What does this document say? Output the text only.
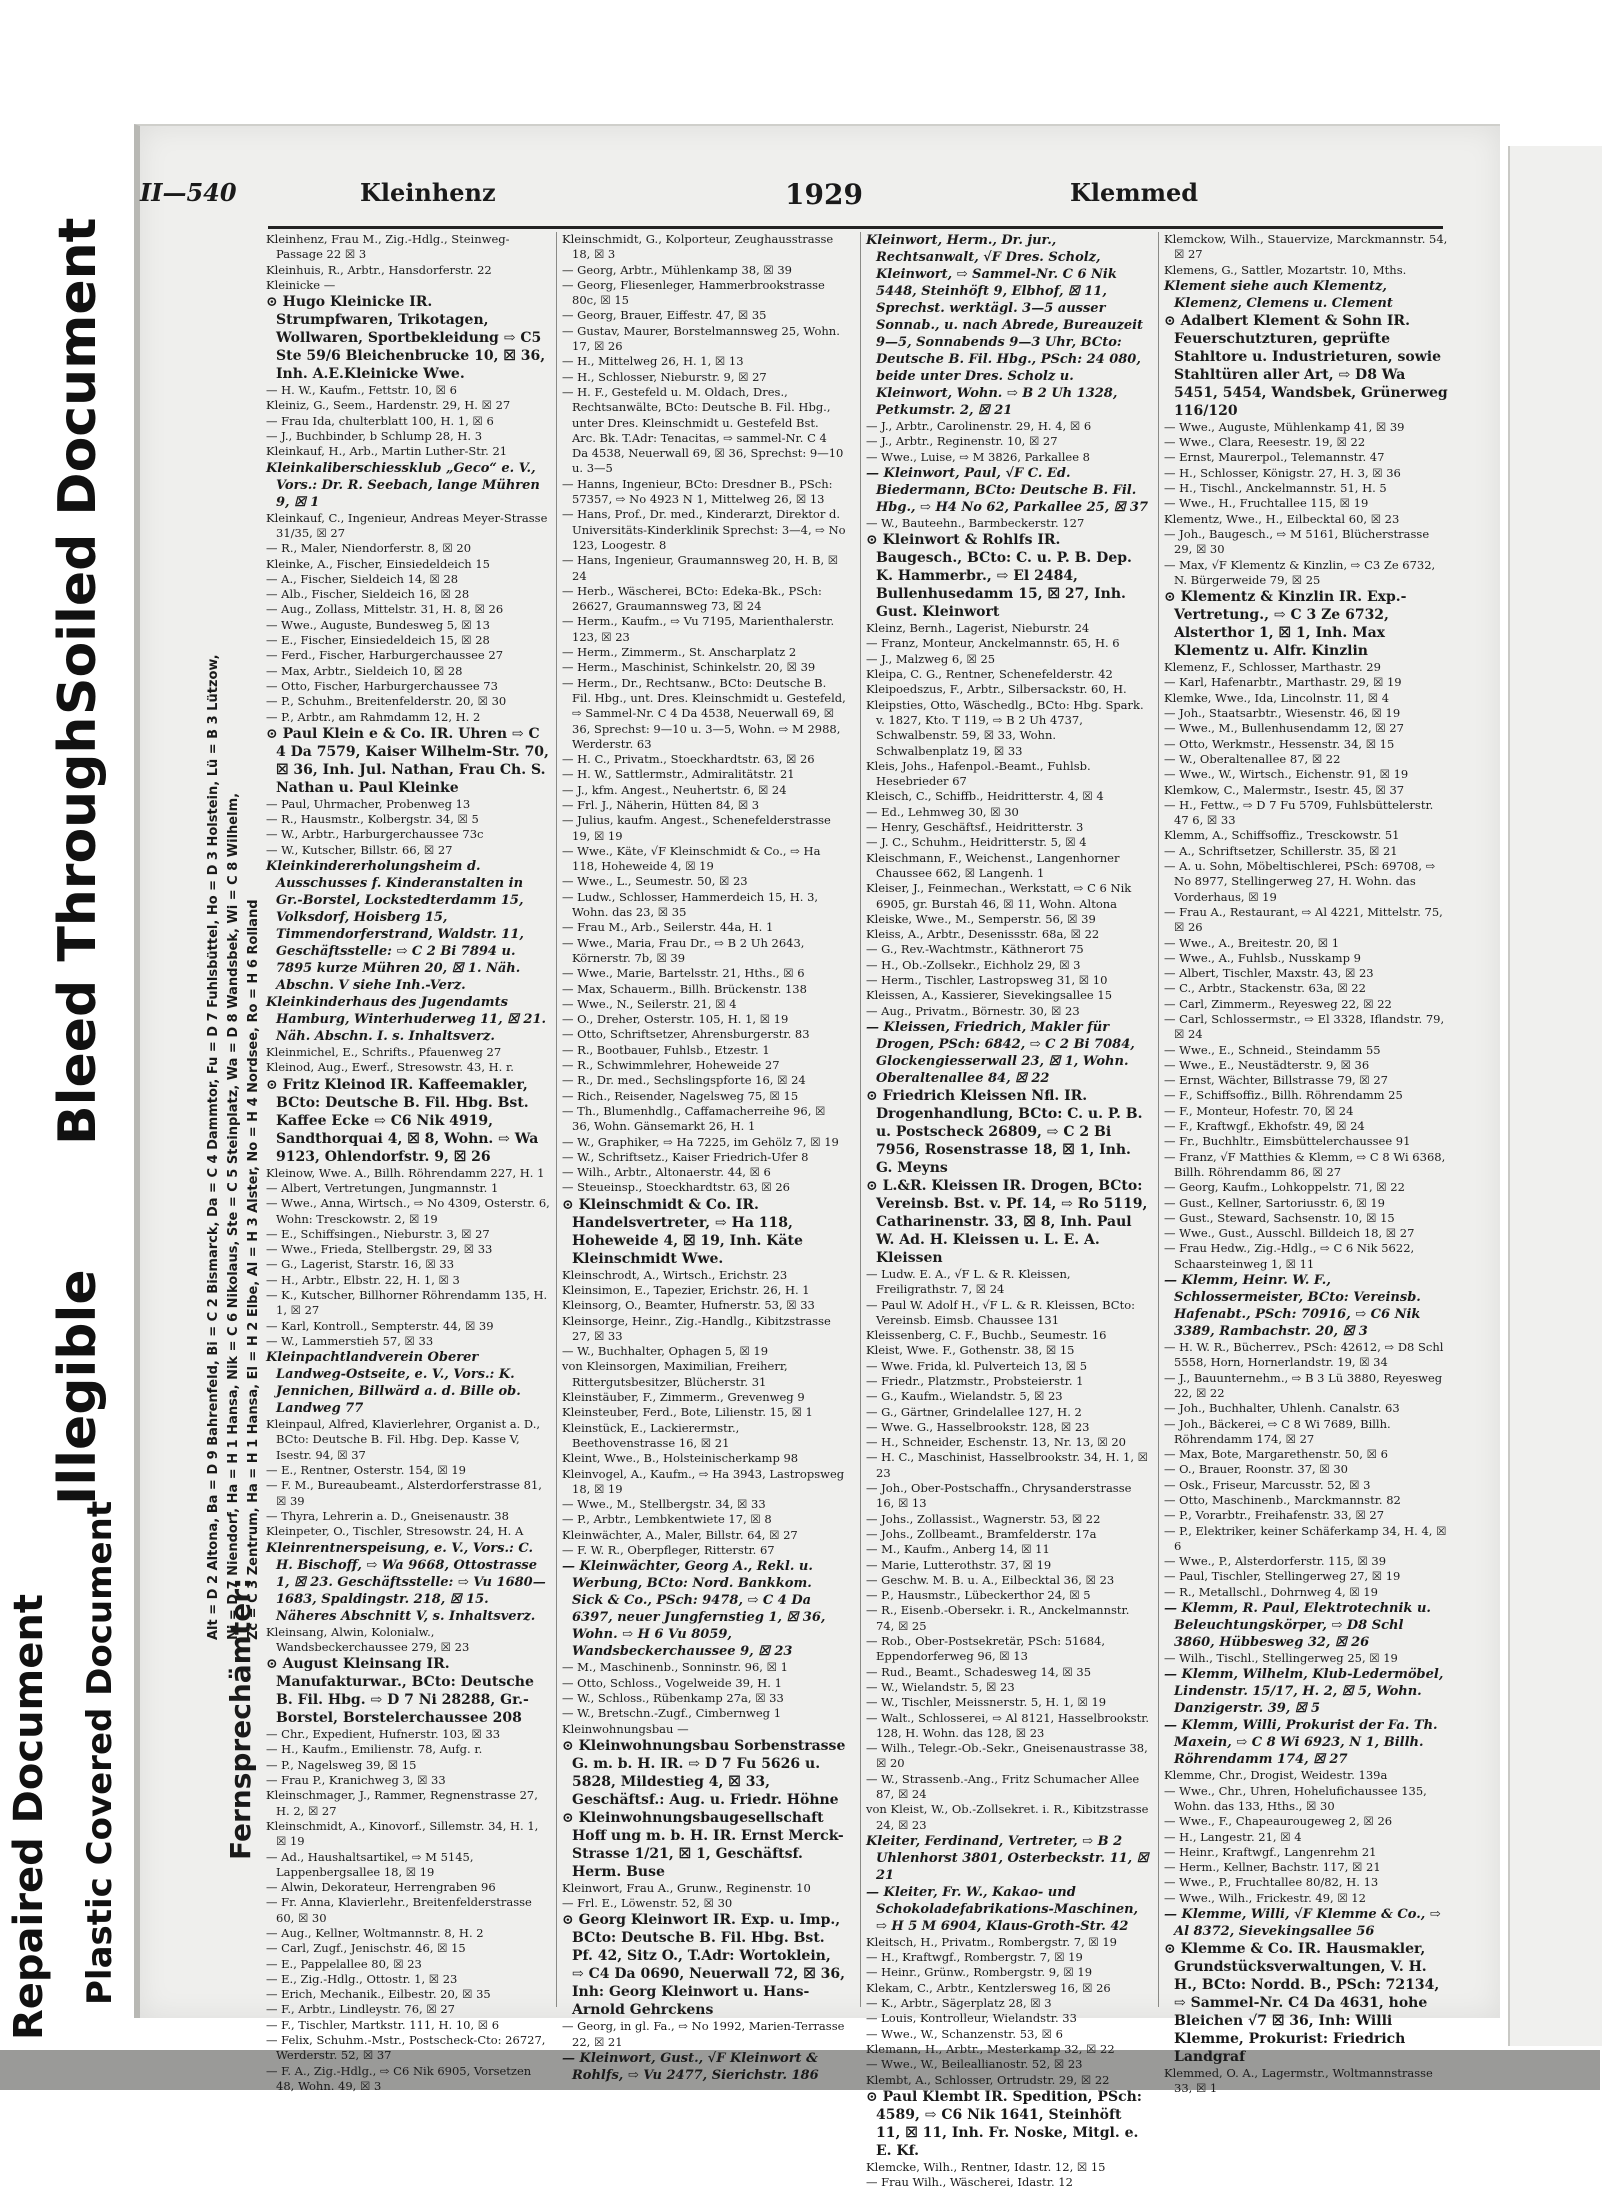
Soiled Document
Bleed Through
Illegible
Repaired Document Plastic Covered Document
II—540	Kleinhenz	1929	Klemmed
Fernsprechämter:
Alt = D 2 Altona, Ba = D 9 Bahrenfeld, Bi = C 2 Bismarck, Da = C 4 Dammtor, Fu = D 7 Fuhlsbüttel, Ho = D 3 Holstein, Lü = B 3 Lützow, Ni = D 7 Niendorf, Ha = H 1 Hansa, Nik = C 6 Nikolaus, Ste = C 5 Steinplatz, Wa = D 8 Wandsbek, Wi = C 8 Wilhelm, Zc = C 3 Zentrum, Ha = H 1 Hansa, El = H 2 Elbe, Al = H 3 Alster, No = H 4 Nordsee, Ro = H 6 Rolland

Kleinhenz, Frau M., Zig.-Hdlg., Steinweg-Passage 22 ☒ 3

Kleinhuis, R., Arbtr., Hansdorferstr. 22

Kleinicke —

⊙ Hugo Kleinicke IR. Strumpfwaren, Trikotagen, Wollwaren, Sportbekleidung ⇨ C5 Ste 59/6 Bleichenbrucke 10, ☒ 36, Inh. A.E.Kleinicke Wwe.

— H. W., Kaufm., Fettstr. 10, ☒ 6

Kleiniz, G., Seem., Hardenstr. 29, H. ☒ 27

— Frau Ida, chulterblatt 100, H. 1, ☒ 6

— J., Buchbinder, b Schlump 28, H. 3

Kleinkauf, H., Arb., Martin Luther-Str. 21

Kleinkaliberschiessklub „Geco“ e. V., Vors.: Dr. R. Seebach, lange Mühren 9, ☒ 1

Kleinkauf, C., Ingenieur, Andreas Meyer-Strasse 31/35, ☒ 27

— R., Maler, Niendorferstr. 8, ☒ 20

Kleinke, A., Fischer, Einsiedeldeich 15

— A., Fischer, Sieldeich 14, ☒ 28

— Alb., Fischer, Sieldeich 16, ☒ 28

— Aug., Zollass, Mittelstr. 31, H. 8, ☒ 26

— Wwe., Auguste, Bundesweg 5, ☒ 13

— E., Fischer, Einsiedeldeich 15, ☒ 28

— Ferd., Fischer, Harburgerchaussee 27

— Max, Arbtr., Sieldeich 10, ☒ 28

— Otto, Fischer, Harburgerchaussee 73

— P., Schuhm., Breitenfelderstr. 20, ☒ 30

— P., Arbtr., am Rahmdamm 12, H. 2

⊙ Paul Klein e & Co. IR. Uhren ⇨ C 4 Da 7579, Kaiser Wilhelm-Str. 70, ☒ 36, Inh. Jul. Nathan, Frau Ch. S. Nathan u. Paul Kleinke

— Paul, Uhrmacher, Probenweg 13

— R., Hausmstr., Kolbergstr. 34, ☒ 5

— W., Arbtr., Harburgerchaussee 73c

— W., Kutscher, Billstr. 66, ☒ 27

Kleinkindererholungsheim d. Ausschusses f. Kinderanstalten in Gr.-Borstel, Lockstedterdamm 15, Volksdorf, Hoisberg 15, Timmendorferstrand, Waldstr. 11, Geschäftsstelle: ⇨ C 2 Bi 7894 u. 7895 kurze Mühren 20, ☒ 1. Näh. Abschn. V siehe Inh.-Verz.

Kleinkinderhaus des Jugendamts Hamburg, Winterhuderweg 11, ☒ 21. Näh. Abschn. I. s. Inhaltsverz.

Kleinmichel, E., Schrifts., Pfauenweg 27

Kleinod, Aug., Ewerf., Stresowstr. 43, H. r.

⊙ Fritz Kleinod IR. Kaffeemakler, BCto: Deutsche B. Fil. Hbg. Bst. Kaffee Ecke ⇨ C6 Nik 4919, Sandthorquai 4, ☒ 8, Wohn. ⇨ Wa 9123, Ohlendorfstr. 9, ☒ 26

Kleinow, Wwe. A., Billh. Röhrendamm 227, H. 1

— Albert, Vertretungen, Jungmannstr. 1

— Wwe., Anna, Wirtsch., ⇨ No 4309, Osterstr. 6, Wohn: Tresckowstr. 2, ☒ 19

— E., Schiffsingen., Nieburstr. 3, ☒ 27

— Wwe., Frieda, Stellbergstr. 29, ☒ 33

— G., Lagerist, Starstr. 16, ☒ 33

— H., Arbtr., Elbstr. 22, H. 1, ☒ 3

— K., Kutscher, Billhorner Röhrendamm 135, H. 1, ☒ 27

— Karl, Kontroll., Sempterstr. 44, ☒ 39

— W., Lammerstieh 57, ☒ 33

Kleinpachtlandverein Oberer Landweg-Ostseite, e. V., Vors.: K. Jennichen, Billwärd a. d. Bille ob. Landweg 77

Kleinpaul, Alfred, Klavierlehrer, Organist a. D., BCto: Deutsche B. Fil. Hbg. Dep. Kasse V, Isestr. 94, ☒ 37

— E., Rentner, Osterstr. 154, ☒ 19

— F. M., Bureaubeamt., Alsterdorferstrasse 81, ☒ 39

— Thyra, Lehrerin a. D., Gneisenaustr. 38

Kleinpeter, O., Tischler, Stresowstr. 24, H. A

Kleinrentnerspeisung, e. V., Vors.: C. H. Bischoff, ⇨ Wa 9668, Ottostrasse 1, ☒ 23. Geschäftsstelle: ⇨ Vu 1680—1683, Spaldingstr. 218, ☒ 15. Näheres Abschnitt V, s. Inhaltsverz.

Kleinsang, Alwin, Kolonialw., Wandsbeckerchaussee 279, ☒ 23

⊙ August Kleinsang IR. Manufakturwar., BCto: Deutsche B. Fil. Hbg. ⇨ D 7 Ni 28288, Gr.-Borstel, Borstelerchaussee 208

— Chr., Expedient, Hufnerstr. 103, ☒ 33

— H., Kaufm., Emilienstr. 78, Aufg. r.

— P., Nagelsweg 39, ☒ 15

— Frau P., Kranichweg 3, ☒ 33

Kleinschmager, J., Rammer, Regnenstrasse 27, H. 2, ☒ 27

Kleinschmidt, A., Kinovorf., Sillemstr. 34, H. 1, ☒ 19

— Ad., Haushaltsartikel, ⇨ M 5145, Lappenbergsallee 18, ☒ 19

— Alwin, Dekorateur, Herrengraben 96

— Fr. Anna, Klavierlehr., Breitenfelderstrasse 60, ☒ 30

— Aug., Kellner, Woltmannstr. 8, H. 2

— Carl, Zugf., Jenischstr. 46, ☒ 15

— E., Pappelallee 80, ☒ 23

— E., Zig.-Hdlg., Ottostr. 1, ☒ 23

— Erich, Mechanik., Eilbestr. 20, ☒ 35

— F., Arbtr., Lindleystr. 76, ☒ 27

— F., Tischler, Martkstr. 111, H. 10, ☒ 6

— Felix, Schuhm.-Mstr., Postscheck-Cto: 26727, Werderstr. 52, ☒ 37

— F. A., Zig.-Hdlg., ⇨ C6 Nik 6905, Vorsetzen 48, Wohn. 49, ☒ 3

Kleinschmidt, G., Kolporteur, Zeughausstrasse 18, ☒ 3

— Georg, Arbtr., Mühlenkamp 38, ☒ 39

— Georg, Fliesenleger, Hammerbrookstrasse 80c, ☒ 15

— Georg, Brauer, Eiffestr. 47, ☒ 35

— Gustav, Maurer, Borstelmannsweg 25, Wohn. 17, ☒ 26

— H., Mittelweg 26, H. 1, ☒ 13

— H., Schlosser, Nieburstr. 9, ☒ 27

— H. F., Gestefeld u. M. Oldach, Dres., Rechtsanwälte, BCto: Deutsche B. Fil. Hbg., unter Dres. Kleinschmidt u. Gestefeld Bst. Arc. Bk. T.Adr: Tenacitas, ⇨ sammel-Nr. C 4 Da 4538, Neuerwall 69, ☒ 36, Sprechst: 9—10 u. 3—5

— Hanns, Ingenieur, BCto: Dresdner B., PSch: 57357, ⇨ No 4923 N 1, Mittelweg 26, ☒ 13

— Hans, Prof., Dr. med., Kinderarzt, Direktor d. Universitäts-Kinderklinik Sprechst: 3—4, ⇨ No 123, Loogestr. 8

— Hans, Ingenieur, Graumannsweg 20, H. B, ☒ 24

— Herb., Wäscherei, BCto: Edeka-Bk., PSch: 26627, Graumannsweg 73, ☒ 24

— Herm., Kaufm., ⇨ Vu 7195, Marienthalerstr. 123, ☒ 23

— Herm., Zimmerm., St. Anscharplatz 2

— Herm., Maschinist, Schinkelstr. 20, ☒ 39

— Herm., Dr., Rechtsanw., BCto: Deutsche B. Fil. Hbg., unt. Dres. Kleinschmidt u. Gestefeld, ⇨ Sammel-Nr. C 4 Da 4538, Neuerwall 69, ☒ 36, Sprechst: 9—10 u. 3—5, Wohn. ⇨ M 2988, Werderstr. 63

— H. C., Privatm., Stoeckhardtstr. 63, ☒ 26

— H. W., Sattlermstr., Admiralitätstr. 21

— J., kfm. Angest., Neuhertstr. 6, ☒ 24

— Frl. J., Näherin, Hütten 84, ☒ 3

— Julius, kaufm. Angest., Schenefelderstrasse 19, ☒ 19

— Wwe., Käte, √F Kleinschmidt & Co., ⇨ Ha 118, Hoheweide 4, ☒ 19

— Wwe., L., Seumestr. 50, ☒ 23

— Ludw., Schlosser, Hammerdeich 15, H. 3, Wohn. das 23, ☒ 35

— Frau M., Arb., Seilerstr. 44a, H. 1

— Wwe., Maria, Frau Dr., ⇨ B 2 Uh 2643, Körnerstr. 7b, ☒ 39

— Wwe., Marie, Bartelsstr. 21, Hths., ☒ 6

— Max, Schauerm., Billh. Brückenstr. 138

— Wwe., N., Seilerstr. 21, ☒ 4

— O., Dreher, Osterstr. 105, H. 1, ☒ 19

— Otto, Schriftsetzer, Ahrensburgerstr. 83

— R., Bootbauer, Fuhlsb., Etzestr. 1

— R., Schwimmlehrer, Hoheweide 27

— R., Dr. med., Sechslingspforte 16, ☒ 24

— Rich., Reisender, Nagelsweg 75, ☒ 15

— Th., Blumenhdlg., Caffamacherreihe 96, ☒ 36, Wohn. Gänsemarkt 26, H. 1

— W., Graphiker, ⇨ Ha 7225, im Gehölz 7, ☒ 19

— W., Schriftsetz., Kaiser Friedrich-Ufer 8

— Wilh., Arbtr., Altonaerstr. 44, ☒ 6

— Steueinsp., Stoeckhardtstr. 63, ☒ 26

⊙ Kleinschmidt & Co. IR. Handelsvertreter, ⇨ Ha 118, Hoheweide 4, ☒ 19, Inh. Käte Kleinschmidt Wwe.

Kleinschrodt, A., Wirtsch., Erichstr. 23

Kleinsimon, E., Tapezier, Erichstr. 26, H. 1

Kleinsorg, O., Beamter, Hufnerstr. 53, ☒ 33

Kleinsorge, Heinr., Zig.-Handlg., Kibitzstrasse 27, ☒ 33

— W., Buchhalter, Ophagen 5, ☒ 19

von Kleinsorgen, Maximilian, Freiherr, Rittergutsbesitzer, Blücherstr. 31

Kleinstäuber, F., Zimmerm., Grevenweg 9

Kleinsteuber, Ferd., Bote, Lilienstr. 15, ☒ 1

Kleinstück, E., Lackierermstr., Beethovenstrasse 16, ☒ 21

Kleint, Wwe., B., Holsteinischerkamp 98

Kleinvogel, A., Kaufm., ⇨ Ha 3943, Lastropsweg 18, ☒ 19

— Wwe., M., Stellbergstr. 34, ☒ 33

— P., Arbtr., Lembkentwiete 17, ☒ 8

Kleinwächter, A., Maler, Billstr. 64, ☒ 27

— F. W. R., Oberpfleger, Ritterstr. 67

— Kleinwächter, Georg A., Rekl. u. Werbung, BCto: Nord. Bankkom. Sick & Co., PSch: 9478, ⇨ C 4 Da 6397, neuer Jungfernstieg 1, ☒ 36, Wohn. ⇨ H 6 Vu 8059, Wandsbeckerchaussee 9, ☒ 23

— M., Maschinenb., Sonninstr. 96, ☒ 1

— Otto, Schloss., Vogelweide 39, H. 1

— W., Schloss., Rübenkamp 27a, ☒ 33

— W., Bretschn.-Zugf., Cimbernweg 1

Kleinwohnungsbau —

⊙ Kleinwohnungsbau Sorbenstrasse G. m. b. H. IR. ⇨ D 7 Fu 5626 u. 5828, Mildestieg 4, ☒ 33, Geschäftsf.: Aug. u. Friedr. Höhne

⊙ Kleinwohnungsbaugesellschaft Hoff ung m. b. H. IR. Ernst Merck-Strasse 1/21, ☒ 1, Geschäftsf. Herm. Buse

Kleinwort, Frau A., Grunw., Reginenstr. 10

— Frl. E., Löwenstr. 52, ☒ 30

⊙ Georg Kleinwort IR. Exp. u. Imp., BCto: Deutsche B. Fil. Hbg. Bst. Pf. 42, Sitz O., T.Adr: Wortoklein, ⇨ C4 Da 0690, Neuerwall 72, ☒ 36, Inh: Georg Kleinwort u. Hans-Arnold Gehrckens

— Georg, in gl. Fa., ⇨ No 1992, Marien-Terrasse 22, ☒ 21

— Kleinwort, Gust., √F Kleinwort & Rohlfs, ⇨ Vu 2477, Sierichstr. 186

Kleinwort, Herm., Dr. jur., Rechtsanwalt, √F Dres. Scholz, Kleinwort, ⇨ Sammel-Nr. C 6 Nik 5448, Steinhöft 9, Elbhof, ☒ 11, Sprechst. werktägl. 3—5 ausser Sonnab., u. nach Abrede, Bureauzeit 9—5, Sonnabends 9—3 Uhr, BCto: Deutsche B. Fil. Hbg., PSch: 24 080, beide unter Dres. Scholz u. Kleinwort, Wohn. ⇨ B 2 Uh 1328, Petkumstr. 2, ☒ 21

— J., Arbtr., Carolinenstr. 29, H. 4, ☒ 6

— J., Arbtr., Reginenstr. 10, ☒ 27

— Wwe., Luise, ⇨ M 3826, Parkallee 8

— Kleinwort, Paul, √F C. Ed. Biedermann, BCto: Deutsche B. Fil. Hbg., ⇨ H4 No 62, Parkallee 25, ☒ 37

— W., Bauteehn., Barmbeckerstr. 127

⊙ Kleinwort & Rohlfs IR. Baugesch., BCto: C. u. P. B. Dep. K. Hammerbr., ⇨ El 2484, Bullenhusedamm 15, ☒ 27, Inh. Gust. Kleinwort

Kleinz, Bernh., Lagerist, Nieburstr. 24

— Franz, Monteur, Anckelmannstr. 65, H. 6

— J., Malzweg 6, ☒ 25

Kleipa, C. G., Rentner, Schenefelderstr. 42

Kleipoedszus, F., Arbtr., Silbersackstr. 60, H.

Kleipsties, Otto, Wäschedlg., BCto: Hbg. Spark. v. 1827, Kto. T 119, ⇨ B 2 Uh 4737, Schwalbenstr. 59, ☒ 33, Wohn. Schwalbenplatz 19, ☒ 33

Kleis, Johs., Hafenpol.-Beamt., Fuhlsb. Hesebrieder 67

Kleisch, C., Schiffb., Heidritterstr. 4, ☒ 4

— Ed., Lehmweg 30, ☒ 30

— Henry, Geschäftsf., Heidritterstr. 3

— J. C., Schuhm., Heidritterstr. 5, ☒ 4

Kleischmann, F., Weichenst., Langenhorner Chaussee 662, ☒ Langenh. 1

Kleiser, J., Feinmechan., Werkstatt, ⇨ C 6 Nik 6905, gr. Burstah 46, ☒ 11, Wohn. Altona

Kleiske, Wwe., M., Semperstr. 56, ☒ 39

Kleiss, A., Arbtr., Desenissstr. 68a, ☒ 22

— G., Rev.-Wachtmstr., Käthnerort 75

— H., Ob.-Zollsekr., Eichholz 29, ☒ 3

— Herm., Tischler, Lastropsweg 31, ☒ 10

Kleissen, A., Kassierer, Sievekingsallee 15

— Aug., Privatm., Börnestr. 30, ☒ 23

— Kleissen, Friedrich, Makler für Drogen, PSch: 6842, ⇨ C 2 Bi 7084, Glockengiesserwall 23, ☒ 1, Wohn. Oberaltenallee 84, ☒ 22

⊙ Friedrich Kleissen Nfl. IR. Drogenhandlung, BCto: C. u. P. B. u. Postscheck 26809, ⇨ C 2 Bi 7956, Rosenstrasse 18, ☒ 1, Inh. G. Meyns

⊙ L.&R. Kleissen IR. Drogen, BCto: Vereinsb. Bst. v. Pf. 14, ⇨ Ro 5119, Catharinenstr. 33, ☒ 8, Inh. Paul W. Ad. H. Kleissen u. L. E. A. Kleissen

— Ludw. E. A., √F L. & R. Kleissen, Freiligrathstr. 7, ☒ 24

— Paul W. Adolf H., √F L. & R. Kleissen, BCto: Vereinsb. Eimsb. Chaussee 131

Kleissenberg, C. F., Buchb., Seumestr. 16

Kleist, Wwe. F., Gothenstr. 38, ☒ 15

— Wwe. Frida, kl. Pulverteich 13, ☒ 5

— Friedr., Platzmstr., Probsteierstr. 1

— G., Kaufm., Wielandstr. 5, ☒ 23

— G., Gärtner, Grindelallee 127, H. 2

— Wwe. G., Hasselbrookstr. 128, ☒ 23

— H., Schneider, Eschenstr. 13, Nr. 13, ☒ 20

— H. C., Maschinist, Hasselbrookstr. 34, H. 1, ☒ 23

— Joh., Ober-Postschaffn., Chrysanderstrasse 16, ☒ 13

— Johs., Zollassist., Wagnerstr. 53, ☒ 22

— Johs., Zollbeamt., Bramfelderstr. 17a

— M., Kaufm., Anberg 14, ☒ 11

— Marie, Lutterothstr. 37, ☒ 19

— Geschw. M. B. u. A., Eilbecktal 36, ☒ 23

— P., Hausmstr., Lübeckerthor 24, ☒ 5

— R., Eisenb.-Obersekr. i. R., Anckelmannstr. 74, ☒ 25

— Rob., Ober-Postsekretär, PSch: 51684, Eppendorferweg 96, ☒ 13

— Rud., Beamt., Schadesweg 14, ☒ 35

— W., Wielandstr. 5, ☒ 23

— W., Tischler, Meissnerstr. 5, H. 1, ☒ 19

— Walt., Schlosserei, ⇨ Al 8121, Hasselbrookstr. 128, H. Wohn. das 128, ☒ 23

— Wilh., Telegr.-Ob.-Sekr., Gneisenaustrasse 38, ☒ 20

— W., Strassenb.-Ang., Fritz Schumacher Allee 87, ☒ 24

von Kleist, W., Ob.-Zollsekret. i. R., Kibitzstrasse 24, ☒ 23

Kleiter, Ferdinand, Vertreter, ⇨ B 2 Uhlenhorst 3801, Osterbeckstr. 11, ☒ 21

— Kleiter, Fr. W., Kakao- und Schokoladefabrikations-Maschinen, ⇨ H 5 M 6904, Klaus-Groth-Str. 42

Kleitsch, H., Privatm., Rombergstr. 7, ☒ 19

— H., Kraftwgf., Rombergstr. 7, ☒ 19

— Heinr., Grünw., Rombergstr. 9, ☒ 19

Klekam, C., Arbtr., Kentzlersweg 16, ☒ 26

— K., Arbtr., Sägerplatz 28, ☒ 3

— Louis, Kontrolleur, Wielandstr. 33

— Wwe., W., Schanzenstr. 53, ☒ 6

Klemann, H., Arbtr., Mesterkamp 32, ☒ 22

— Wwe., W., Beileallianostr. 52, ☒ 23

Klembt, A., Schlosser, Ortrudstr. 29, ☒ 22

⊙ Paul Klembt IR. Spedition, PSch: 4589, ⇨ C6 Nik 1641, Steinhöft 11, ☒ 11, Inh. Fr. Noske, Mitgl. e. E. Kf.

Klemcke, Wilh., Rentner, Idastr. 12, ☒ 15

— Frau Wilh., Wäscherei, Idastr. 12

Klemckow, Wilh., Stauervize, Marckmannstr. 54, ☒ 27

Klemens, G., Sattler, Mozartstr. 10, Mths.

Klement siehe auch Klementz, Klemenz, Clemens u. Clement

⊙ Adalbert Klement & Sohn IR. Feuerschutzturen, geprüfte Stahltore u. Industrieturen, sowie Stahltüren aller Art, ⇨ D8 Wa 5451, 5454, Wandsbek, Grünerweg 116/120

— Wwe., Auguste, Mühlenkamp 41, ☒ 39

— Wwe., Clara, Reesestr. 19, ☒ 22

— Ernst, Maurerpol., Telemannstr. 47

— H., Schlosser, Königstr. 27, H. 3, ☒ 36

— H., Tischl., Anckelmannstr. 51, H. 5

— Wwe., H., Fruchtallee 115, ☒ 19

Klementz, Wwe., H., Eilbecktal 60, ☒ 23

— Joh., Baugesch., ⇨ M 5161, Blücherstrasse 29, ☒ 30

— Max, √F Klementz & Kinzlin, ⇨ C3 Ze 6732, N. Bürgerweide 79, ☒ 25

⊙ Klementz & Kinzlin IR. Exp.-Vertretung., ⇨ C 3 Ze 6732, Alsterthor 1, ☒ 1, Inh. Max Klementz u. Alfr. Kinzlin

Klemenz, F., Schlosser, Marthastr. 29

— Karl, Hafenarbtr., Marthastr. 29, ☒ 19

Klemke, Wwe., Ida, Lincolnstr. 11, ☒ 4

— Joh., Staatsarbtr., Wiesenstr. 46, ☒ 19

— Wwe., M., Bullenhusendamm 12, ☒ 27

— Otto, Werkmstr., Hessenstr. 34, ☒ 15

— W., Oberaltenallee 87, ☒ 22

— Wwe., W., Wirtsch., Eichenstr. 91, ☒ 19

Klemkow, C., Malermstr., Isestr. 45, ☒ 37

— H., Fettw., ⇨ D 7 Fu 5709, Fuhlsbüttelerstr. 47 6, ☒ 33

Klemm, A., Schiffsoffiz., Tresckowstr. 51

— A., Schriftsetzer, Schillerstr. 35, ☒ 21

— A. u. Sohn, Möbeltischlerei, PSch: 69708, ⇨ No 8977, Stellingerweg 27, H. Wohn. das Vorderhaus, ☒ 19

— Frau A., Restaurant, ⇨ Al 4221, Mittelstr. 75, ☒ 26

— Wwe., A., Breitestr. 20, ☒ 1

— Wwe., A., Fuhlsb., Nusskamp 9

— Albert, Tischler, Maxstr. 43, ☒ 23

— C., Arbtr., Stackenstr. 63a, ☒ 22

— Carl, Zimmerm., Reyesweg 22, ☒ 22

— Carl, Schlossermstr., ⇨ El 3328, Iflandstr. 79, ☒ 24

— Wwe., E., Schneid., Steindamm 55

— Wwe., E., Neustädterstr. 9, ☒ 36

— Ernst, Wächter, Billstrasse 79, ☒ 27

— F., Schiffsoffiz., Billh. Röhrendamm 25

— F., Monteur, Hofestr. 70, ☒ 24

— F., Kraftwgf., Ekhofstr. 49, ☒ 24

— Fr., Buchhltr., Eimsbüttelerchaussee 91

— Franz, √F Matthies & Klemm, ⇨ C 8 Wi 6368, Billh. Röhrendamm 86, ☒ 27

— Georg, Kaufm., Lohkoppelstr. 71, ☒ 22

— Gust., Kellner, Sartoriusstr. 6, ☒ 19

— Gust., Steward, Sachsenstr. 10, ☒ 15

— Wwe., Gust., Ausschl. Billdeich 18, ☒ 27

— Frau Hedw., Zig.-Hdlg., ⇨ C 6 Nik 5622, Schaarsteinweg 1, ☒ 11

— Klemm, Heinr. W. F., Schlossermeister, BCto: Vereinsb. Hafenabt., PSch: 70916, ⇨ C6 Nik 3389, Rambachstr. 20, ☒ 3

— H. W. R., Bücherrev., PSch: 42612, ⇨ D8 Schl 5558, Horn, Hornerlandstr. 19, ☒ 34

— J., Bauunternehm., ⇨ B 3 Lü 3880, Reyesweg 22, ☒ 22

— Joh., Buchhalter, Uhlenh. Canalstr. 63

— Joh., Bäckerei, ⇨ C 8 Wi 7689, Billh. Röhrendamm 174, ☒ 27

— Max, Bote, Margarethenstr. 50, ☒ 6

— O., Brauer, Roonstr. 37, ☒ 30

— Osk., Friseur, Marcusstr. 52, ☒ 3

— Otto, Maschinenb., Marckmannstr. 82

— P., Vorarbtr., Freihafenstr. 33, ☒ 27

— P., Elektriker, keiner Schäferkamp 34, H. 4, ☒ 6

— Wwe., P., Alsterdorferstr. 115, ☒ 39

— Paul, Tischler, Stellingerweg 27, ☒ 19

— R., Metallschl., Dohrnweg 4, ☒ 19

— Klemm, R. Paul, Elektrotechnik u. Beleuchtungskörper, ⇨ D8 Schl 3860, Hübbesweg 32, ☒ 26

— Wilh., Tischl., Stellingerweg 25, ☒ 19

— Klemm, Wilhelm, Klub-Ledermöbel, Lindenstr. 15/17, H. 2, ☒ 5, Wohn. Danzigerstr. 39, ☒ 5

— Klemm, Willi, Prokurist der Fa. Th. Maxein, ⇨ C 8 Wi 6923, N 1, Billh. Röhrendamm 174, ☒ 27

Klemme, Chr., Drogist, Weidestr. 139a

— Wwe., Chr., Uhren, Hohelufichaussee 135, Wohn. das 133, Hths., ☒ 30

— Wwe., F., Chapeaurougeweg 2, ☒ 26

— H., Langestr. 21, ☒ 4

— Heinr., Kraftwgf., Langenrehm 21

— Herm., Kellner, Bachstr. 117, ☒ 21

— Wwe., P., Fruchtallee 80/82, H. 13

— Wwe., Wilh., Frickestr. 49, ☒ 12

— Klemme, Willi, √F Klemme & Co., ⇨ Al 8372, Sievekingsallee 56

⊙ Klemme & Co. IR. Hausmakler, Grundstücksverwaltungen, V. H. H., BCto: Nordd. B., PSch: 72134, ⇨ Sammel-Nr. C4 Da 4631, hohe Bleichen √7 ☒ 36, Inh: Willi Klemme, Prokurist: Friedrich Landgraf

Klemmed, O. A., Lagermstr., Woltmannstrasse 33, ☒ 1
